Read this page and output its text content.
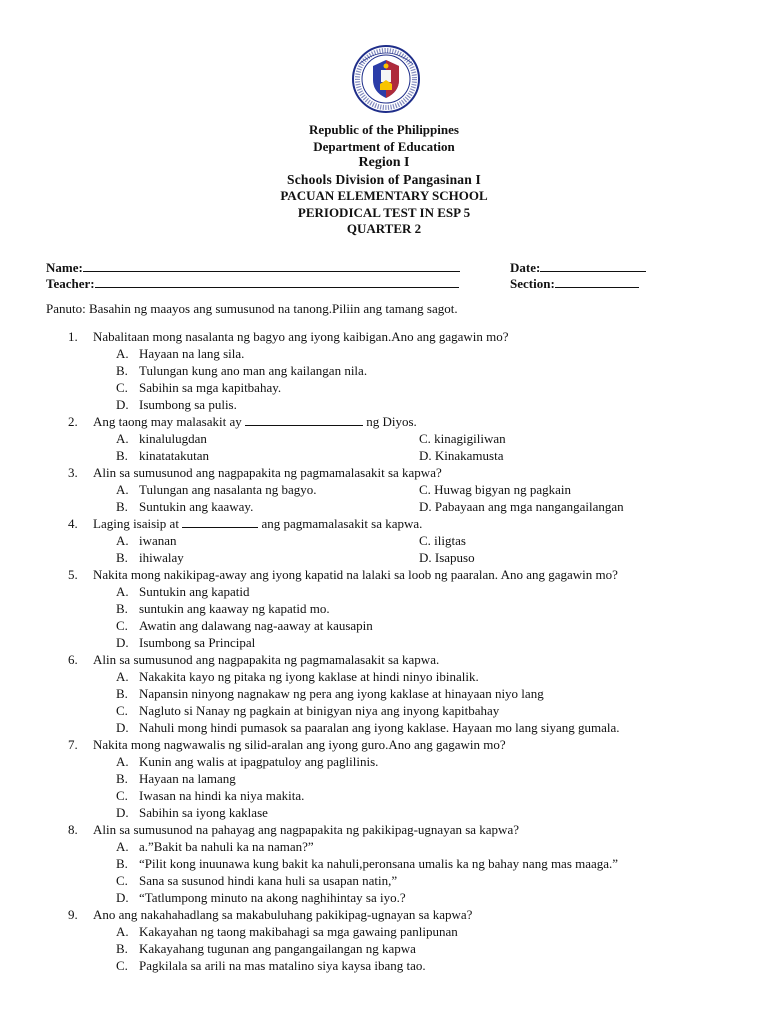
Republic of the Philippines
Department of Education
Region I
Schools Division of Pangasinan I
PACUAN ELEMENTARY SCHOOL
PERIODICAL TEST IN ESP 5
QUARTER 2
Name:	Date:
Teacher:	Section:
Panuto: Basahin ng maayos ang sumusunod na tanong.Piliin ang tamang sagot.
1. Nabalitaan mong nasalanta ng bagyo ang iyong kaibigan.Ano ang gagawin mo?
A. Hayaan na lang sila.
B. Tulungan kung ano man ang kailangan nila.
C. Sabihin sa mga kapitbahay.
D. Isumbong sa pulis.
2. Ang taong may malasakit ay	ng Diyos.
A. kinalulugdan	C. kinagigiliwan
B. kinatatakutan	D. Kinakamusta
3. Alin sa sumusunod ang nagpapakita ng pagmamalasakit sa kapwa?
A. Tulungan ang nasalanta ng bagyo.	C. Huwag bigyan ng pagkain
B. Suntukin ang kaaway.	D. Pabayaan ang mga nangangailangan
4. Laging isaisip at	ang pagmamalasakit sa kapwa.
A. iwanan	C. iligtas
B. ihiwalay	D. Isapuso
5. Nakita mong nakikipag-away ang iyong kapatid na lalaki sa loob ng paaralan. Ano ang gagawin mo?
A. Suntukin ang kapatid
B. suntukin ang kaaway ng kapatid mo.
C. Awatin ang dalawang nag-aaway at kausapin
D. Isumbong sa Principal
6. Alin sa sumusunod ang nagpapakita ng pagmamalasakit sa kapwa.
A. Nakakita kayo ng pitaka ng iyong kaklase at hindi ninyo ibinalik.
B. Napansin ninyong nagnakaw ng pera ang iyong kaklase at hinayaan niyo lang
C. Nagluto si Nanay ng pagkain at binigyan niya ang inyong kapitbahay
D. Nahuli mong hindi pumasok sa paaralan ang iyong kaklase. Hayaan mo lang siyang gumala.
7. Nakita mong nagwawalis ng silid-aralan ang iyong guro.Ano ang gagawin mo?
A. Kunin ang walis at ipagpatuloy ang paglilinis.
B. Hayaan na lamang
C. Iwasan na hindi ka niya makita.
D. Sabihin sa iyong kaklase
8. Alin sa sumusunod na pahayag ang nagpapakita ng pakikipag-ugnayan sa kapwa?
A. a.”Bakit ba nahuli ka na naman?”
B. “Pilit kong inuunawa kung bakit ka nahuli,peronsana umalis ka ng bahay nang mas maaga.”
C. Sana sa susunod hindi kana huli sa usapan natin,”
D. “Tatlumpong minuto na akong naghihintay sa iyo.?
9. Ano ang nakahahadlang sa makabuluhang pakikipag-ugnayan sa kapwa?
A. Kakayahan ng taong makibahagi sa mga gawaing panlipunan
B. Kakayahang tugunan ang pangangailangan ng kapwa
C. Pagkilala sa arili na mas matalino siya kaysa ibang tao.
